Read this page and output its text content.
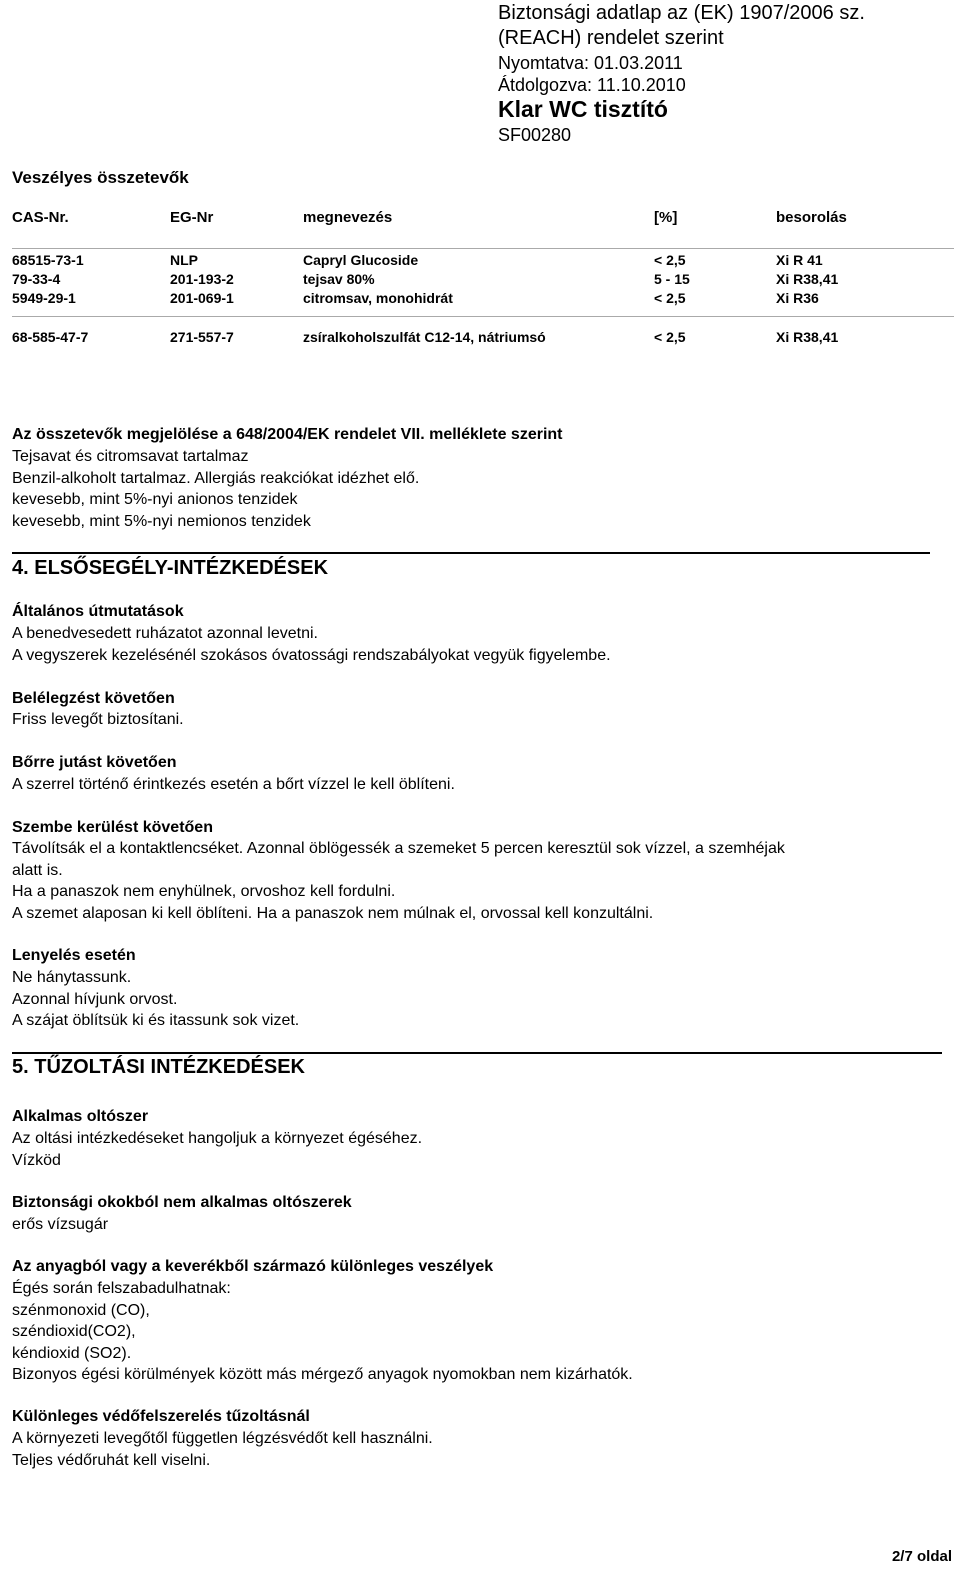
Biztonsági adatlap az (EK) 1907/2006 sz.
(REACH) rendelet szerint
Nyomtatva: 01.03.2011
Átdolgozva: 11.10.2010
Klar WC tisztító
SF00280
Veszélyes összetevők
CAS-Nr.	EG-Nr	megnevezés	[%]	besorolás
68515-73-1	NLP	Capryl Glucoside	< 2,5	Xi R 41
79-33-4	201-193-2	tejsav 80%	5 - 15	Xi R38,41
5949-29-1	201-069-1	citromsav, monohidrát	< 2,5	Xi R36
68-585-47-7	271-557-7	zsíralkoholszulfát C12-14, nátriumsó	< 2,5	Xi R38,41
Az összetevők megjelölése a 648/2004/EK rendelet VII. melléklete szerint
Tejsavat és citromsavat tartalmaz
Benzil-alkoholt tartalmaz. Allergiás reakciókat idézhet elő.
kevesebb, mint 5%-nyi anionos tenzidek
kevesebb, mint 5%-nyi nemionos tenzidek
4. ELSŐSEGÉLY-INTÉZKEDÉSEK
Általános útmutatások
A benedvesedett ruházatot azonnal levetni.
A vegyszerek kezelésénél szokásos óvatossági rendszabályokat vegyük figyelembe.
Belélegzést követően
Friss levegőt biztosítani.
Bőrre jutást követően
A szerrel történő érintkezés esetén a bőrt vízzel le kell öblíteni.
Szembe kerülést követően
Távolítsák el a kontaktlencséket. Azonnal öblögessék a szemeket 5 percen keresztül sok vízzel, a szemhéjak
alatt is.
Ha a panaszok nem enyhülnek, orvoshoz kell fordulni.
A szemet alaposan ki kell öblíteni. Ha a panaszok nem múlnak el, orvossal kell konzultálni.
Lenyelés esetén
Ne hánytassunk.
Azonnal hívjunk orvost.
A szájat öblítsük ki és itassunk sok vizet.
5. TŰZOLTÁSI INTÉZKEDÉSEK
Alkalmas oltószer
Az oltási intézkedéseket hangoljuk a környezet égéséhez.
Vízköd
Biztonsági okokból nem alkalmas oltószerek
erős vízsugár
Az anyagból vagy a keverékből származó különleges veszélyek
Égés során felszabadulhatnak:
szénmonoxid (CO),
széndioxid(CO2),
kéndioxid (SO2).
Bizonyos égési körülmények között más mérgező anyagok nyomokban nem kizárhatók.
Különleges védőfelszerelés tűzoltásnál
A környezeti levegőtől független légzésvédőt kell használni.
Teljes védőruhát kell viselni.
2/7 oldal
